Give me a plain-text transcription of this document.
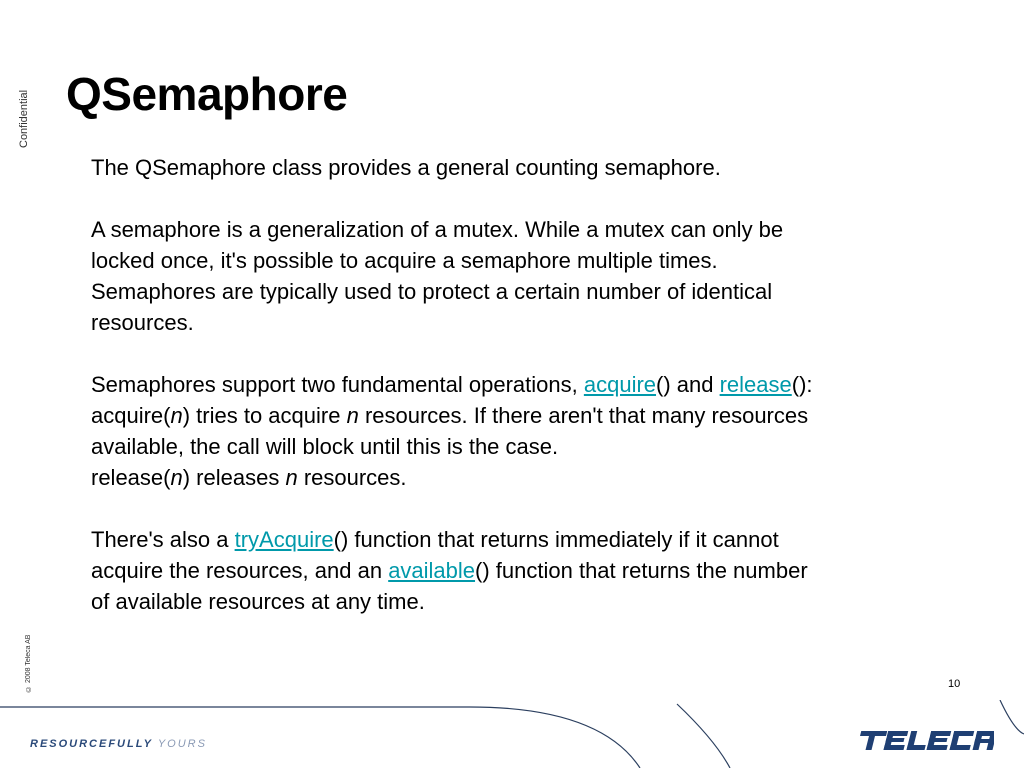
Confidential
© 2008 Teleca AB
QSemaphore

The QSemaphore class provides a general counting semaphore.

A semaphore is a generalization of a mutex. While a mutex can only be
locked once, it's possible to acquire a semaphore multiple times.
Semaphores are typically used to protect a certain number of identical
resources.

Semaphores support two fundamental operations, acquire() and release():
acquire(n) tries to acquire n resources. If there aren't that many resources
available, the call will block until this is the case.
release(n) releases n resources.

There's also a tryAcquire() function that returns immediately if it cannot
acquire the resources, and an available() function that returns the number
of available resources at any time.

10
RESOURCEFULLY YOURS
